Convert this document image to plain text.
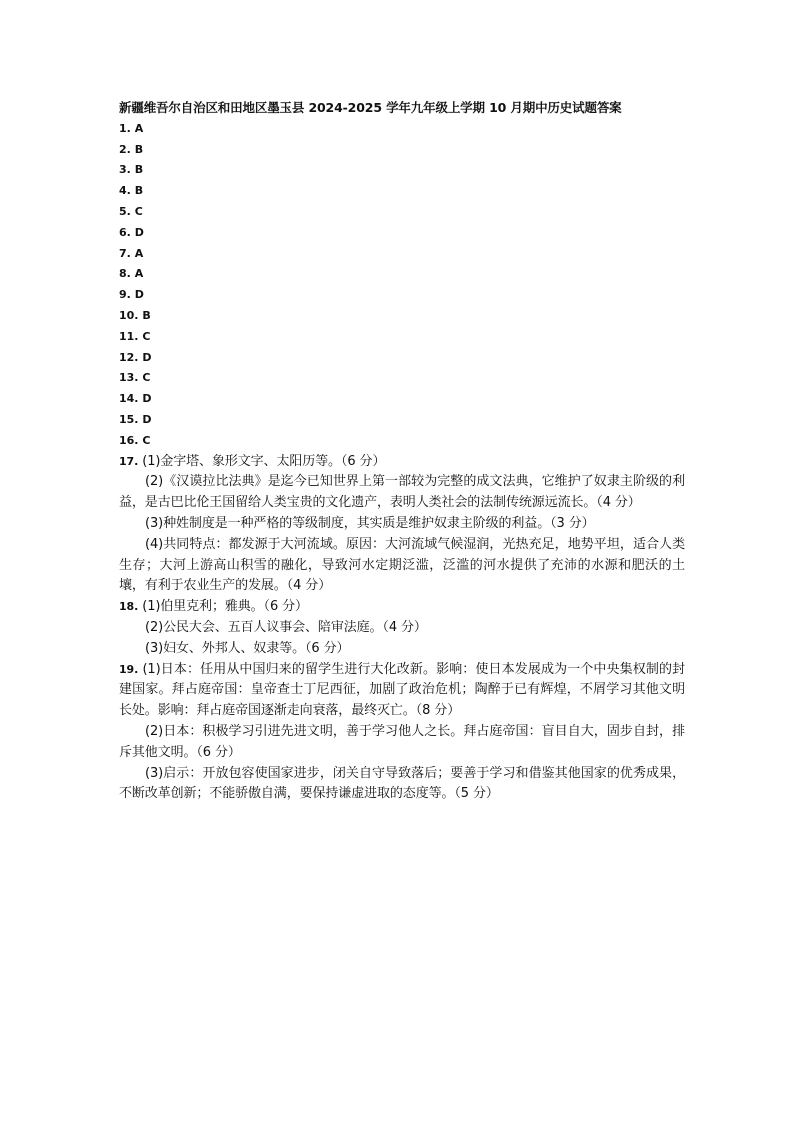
新疆维吾尔自治区和田地区墨玉县 2024-2025 学年九年级上学期 10 月期中历史试题答案
1. A
2. B
3. B
4. B
5. C
6. D
7. A
8. A
9. D
10. B
11. C
12. D
13. C
14. D
15. D
16. C
17. (1)金字塔、象形文字、太阳历等。（6 分）
(2)《汉谟拉比法典》是迄今已知世界上第一部较为完整的成文法典，它维护了奴隶主阶级的利益，是古巴比伦王国留给人类宝贵的文化遗产，表明人类社会的法制传统源远流长。（4 分）
(3)种姓制度是一种严格的等级制度，其实质是维护奴隶主阶级的利益。（3 分）
(4)共同特点：都发源于大河流域。原因：大河流域气候湿润，光热充足，地势平坦，适合人类生存；大河上游高山积雪的融化，导致河水定期泛滥，泛滥的河水提供了充沛的水源和肥沃的土壤，有利于农业生产的发展。（4 分）
18. (1)伯里克利；雅典。（6 分）
(2)公民大会、五百人议事会、陪审法庭。（4 分）
(3)妇女、外邦人、奴隶等。（6 分）
19. (1)日本：任用从中国归来的留学生进行大化改新。影响：使日本发展成为一个中央集权制的封建国家。拜占庭帝国：皇帝查士丁尼西征，加剧了政治危机；陶醉于已有辉煌，不屑学习其他文明长处。影响：拜占庭帝国逐渐走向衰落，最终灭亡。（8 分）
(2)日本：积极学习引进先进文明，善于学习他人之长。拜占庭帝国：盲目自大，固步自封，排斥其他文明。（6 分）
(3)启示：开放包容使国家进步，闭关自守导致落后；要善于学习和借鉴其他国家的优秀成果，不断改革创新；不能骄傲自满，要保持谦虚进取的态度等。（5 分）
